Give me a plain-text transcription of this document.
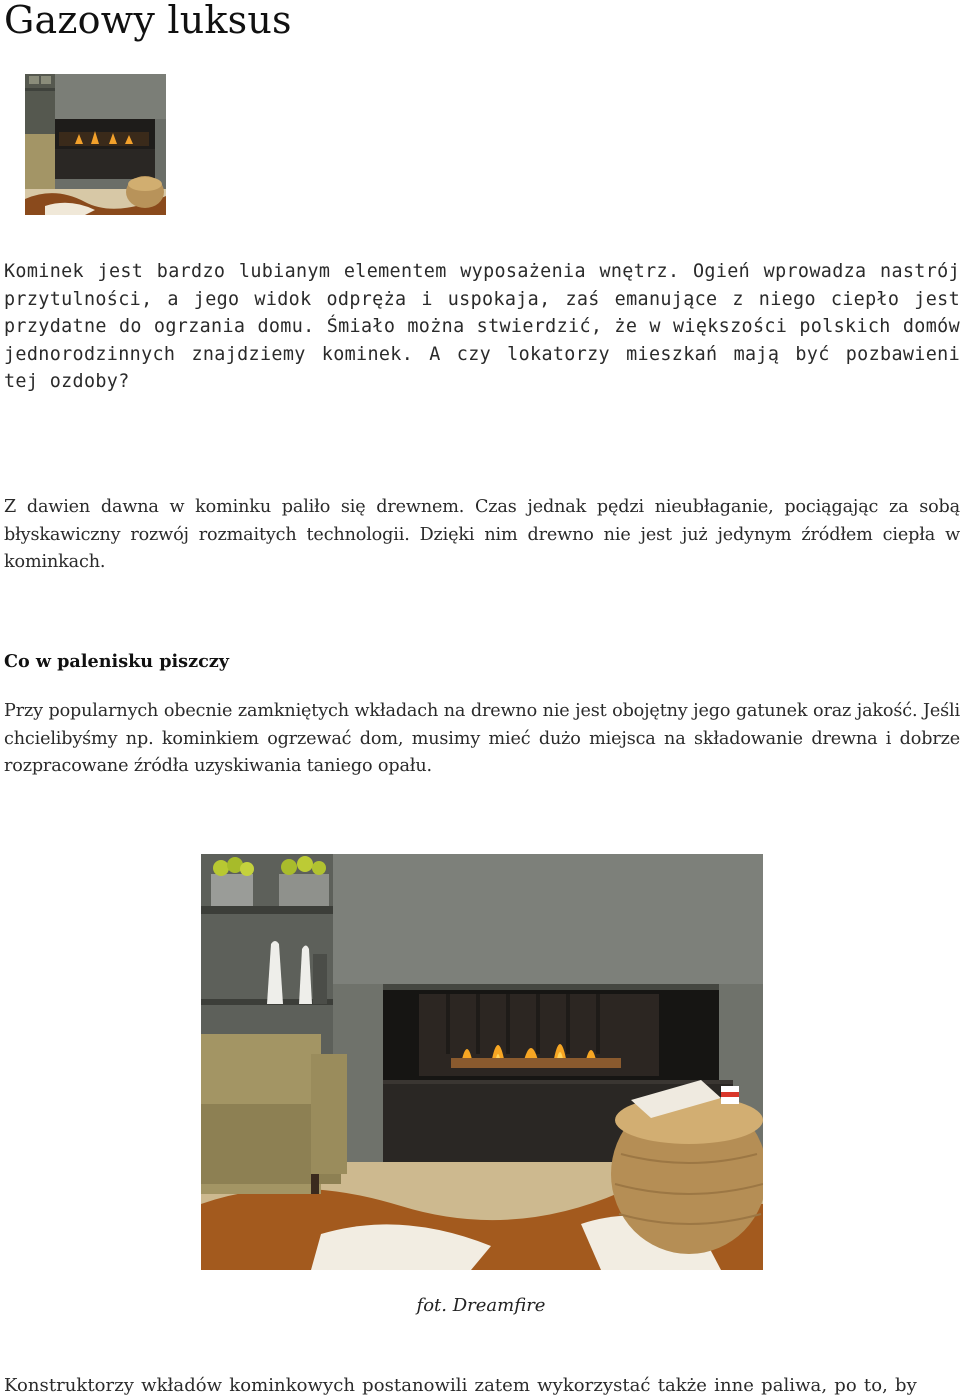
Gazowy luksus

Kominek jest bardzo lubianym elementem wyposażenia wnętrz. Ogień wprowadza nastrój przytulności, a jego widok odpręża i uspokaja, zaś emanujące z niego ciepło jest przydatne do ogrzania domu. Śmiało można stwierdzić, że w większości polskich domów jednorodzinnych znajdziemy kominek. A czy lokatorzy mieszkań mają być pozbawieni tej ozdoby?

Z dawien dawna w kominku paliło się drewnem. Czas jednak pędzi nieubłaganie, pociągając za sobą błyskawiczny rozwój rozmaitych technologii. Dzięki nim drewno nie jest już jedynym źródłem ciepła w kominkach.

Co w palenisku piszczy

Przy popularnych obecnie zamkniętych wkładach na drewno nie jest obojętny jego gatunek oraz jakość. Jeśli chcielibyśmy np. kominkiem ogrzewać dom, musimy mieć dużo miejsca na składowanie drewna i dobrze rozpracowane źródła uzyskiwania taniego opału.

fot. Dreamfire

Konstruktorzy wkładów kominkowych postanowili zatem wykorzystać także inne paliwa, po to, by
